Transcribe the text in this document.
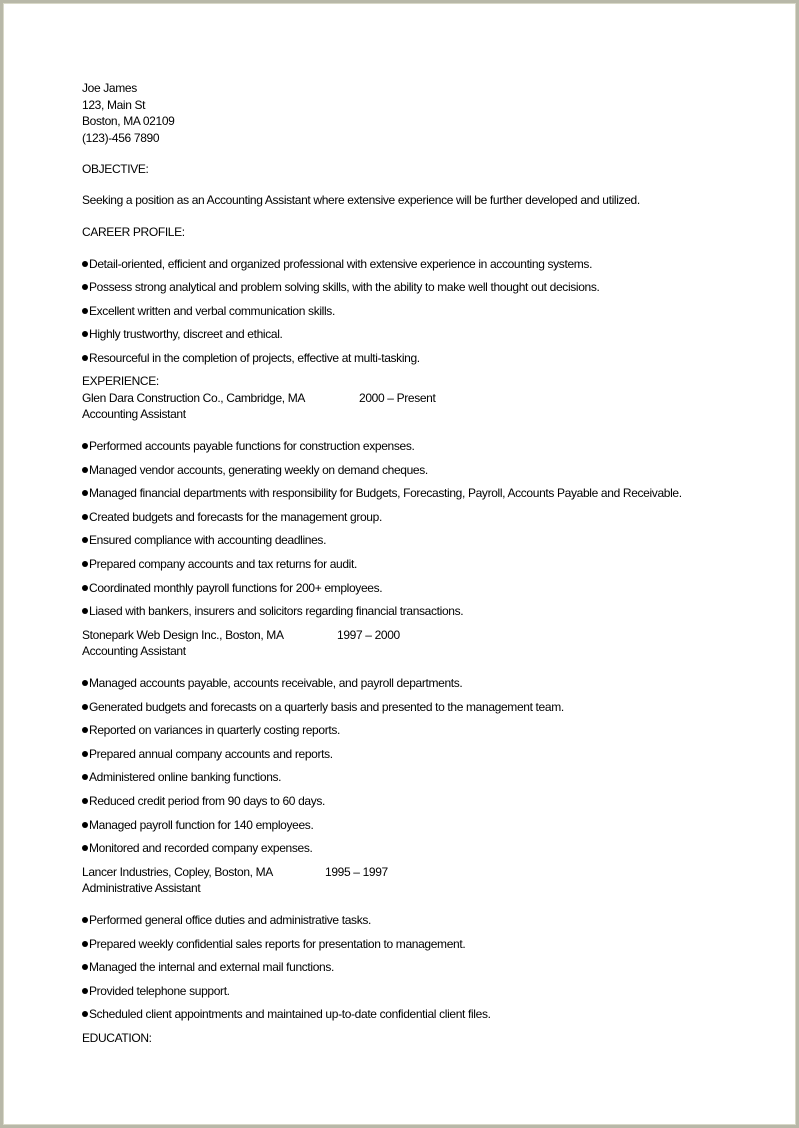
Joe James
123, Main St
Boston, MA 02109
(123)-456 7890
OBJECTIVE:
Seeking a position as an Accounting Assistant where extensive experience will be further developed and utilized.
CAREER PROFILE:
Detail-oriented, efficient and organized professional with extensive experience in accounting systems.
Possess strong analytical and problem solving skills, with the ability to make well thought out decisions.
Excellent written and verbal communication skills.
Highly trustworthy, discreet and ethical.
Resourceful in the completion of projects, effective at multi-tasking.
EXPERIENCE:
Glen Dara Construction Co., Cambridge, MA	2000 – Present
Accounting Assistant
Performed accounts payable functions for construction expenses.
Managed vendor accounts, generating weekly on demand cheques.
Managed financial departments with responsibility for Budgets, Forecasting, Payroll, Accounts Payable and Receivable.
Created budgets and forecasts for the management group.
Ensured compliance with accounting deadlines.
Prepared company accounts and tax returns for audit.
Coordinated monthly payroll functions for 200+ employees.
Liased with bankers, insurers and solicitors regarding financial transactions.
Stonepark Web Design Inc., Boston, MA	1997 – 2000
Accounting Assistant
Managed accounts payable, accounts receivable, and payroll departments.
Generated budgets and forecasts on a quarterly basis and presented to the management team.
Reported on variances in quarterly costing reports.
Prepared annual company accounts and reports.
Administered online banking functions.
Reduced credit period from 90 days to 60 days.
Managed payroll function for 140 employees.
Monitored and recorded company expenses.
Lancer Industries, Copley, Boston, MA	1995 – 1997
Administrative Assistant
Performed general office duties and administrative tasks.
Prepared weekly confidential sales reports for presentation to management.
Managed the internal and external mail functions.
Provided telephone support.
Scheduled client appointments and maintained up-to-date confidential client files.
EDUCATION:
